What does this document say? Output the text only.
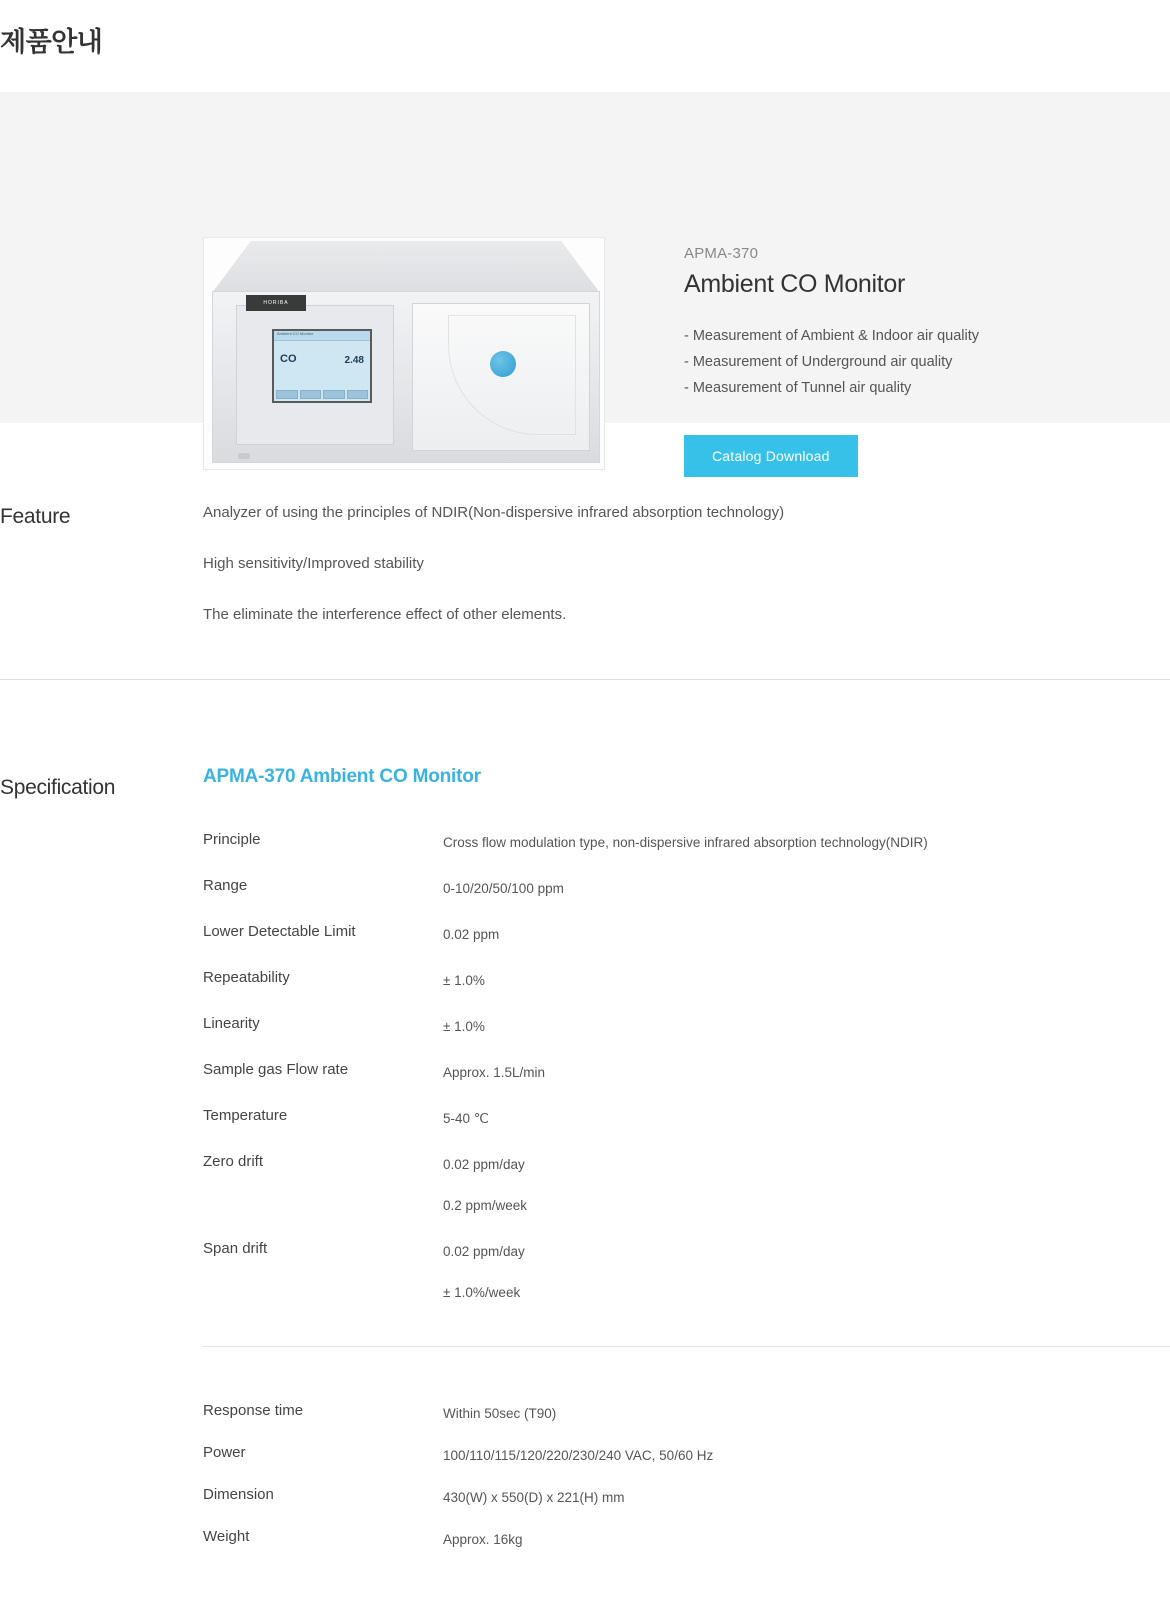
제품안내
HORIBA
Ambient CO Monitor
CO	2.48

APMA-370

Ambient CO Monitor
- Measurement of Ambient & Indoor air quality
- Measurement of Underground air quality
- Measurement of Tunnel air quality
Catalog Download
Feature	Analyzer of using the principles of NDIR(Non-dispersive infrared absorption technology)

High sensitivity/Improved stability

The eliminate the interference effect of other elements.

Specification	APMA-370 Ambient CO Monitor
Principle	Cross flow modulation type, non-dispersive infrared absorption technology(NDIR)
Range	0-10/20/50/100 ppm
Lower Detectable Limit	0.02 ppm
Repeatability	± 1.0%
Linearity	± 1.0%
Sample gas Flow rate	Approx. 1.5L/min
Temperature	5-40 ℃
Zero drift	0.02 ppm/day
0.2 ppm/week

Span drift	0.02 ppm/day
± 1.0%/week
Response time	Within 50sec (T90)
Power	100/110/115/120/220/230/240 VAC, 50/60 Hz
Dimension	430(W) x 550(D) x 221(H) mm
Weight	Approx. 16kg
